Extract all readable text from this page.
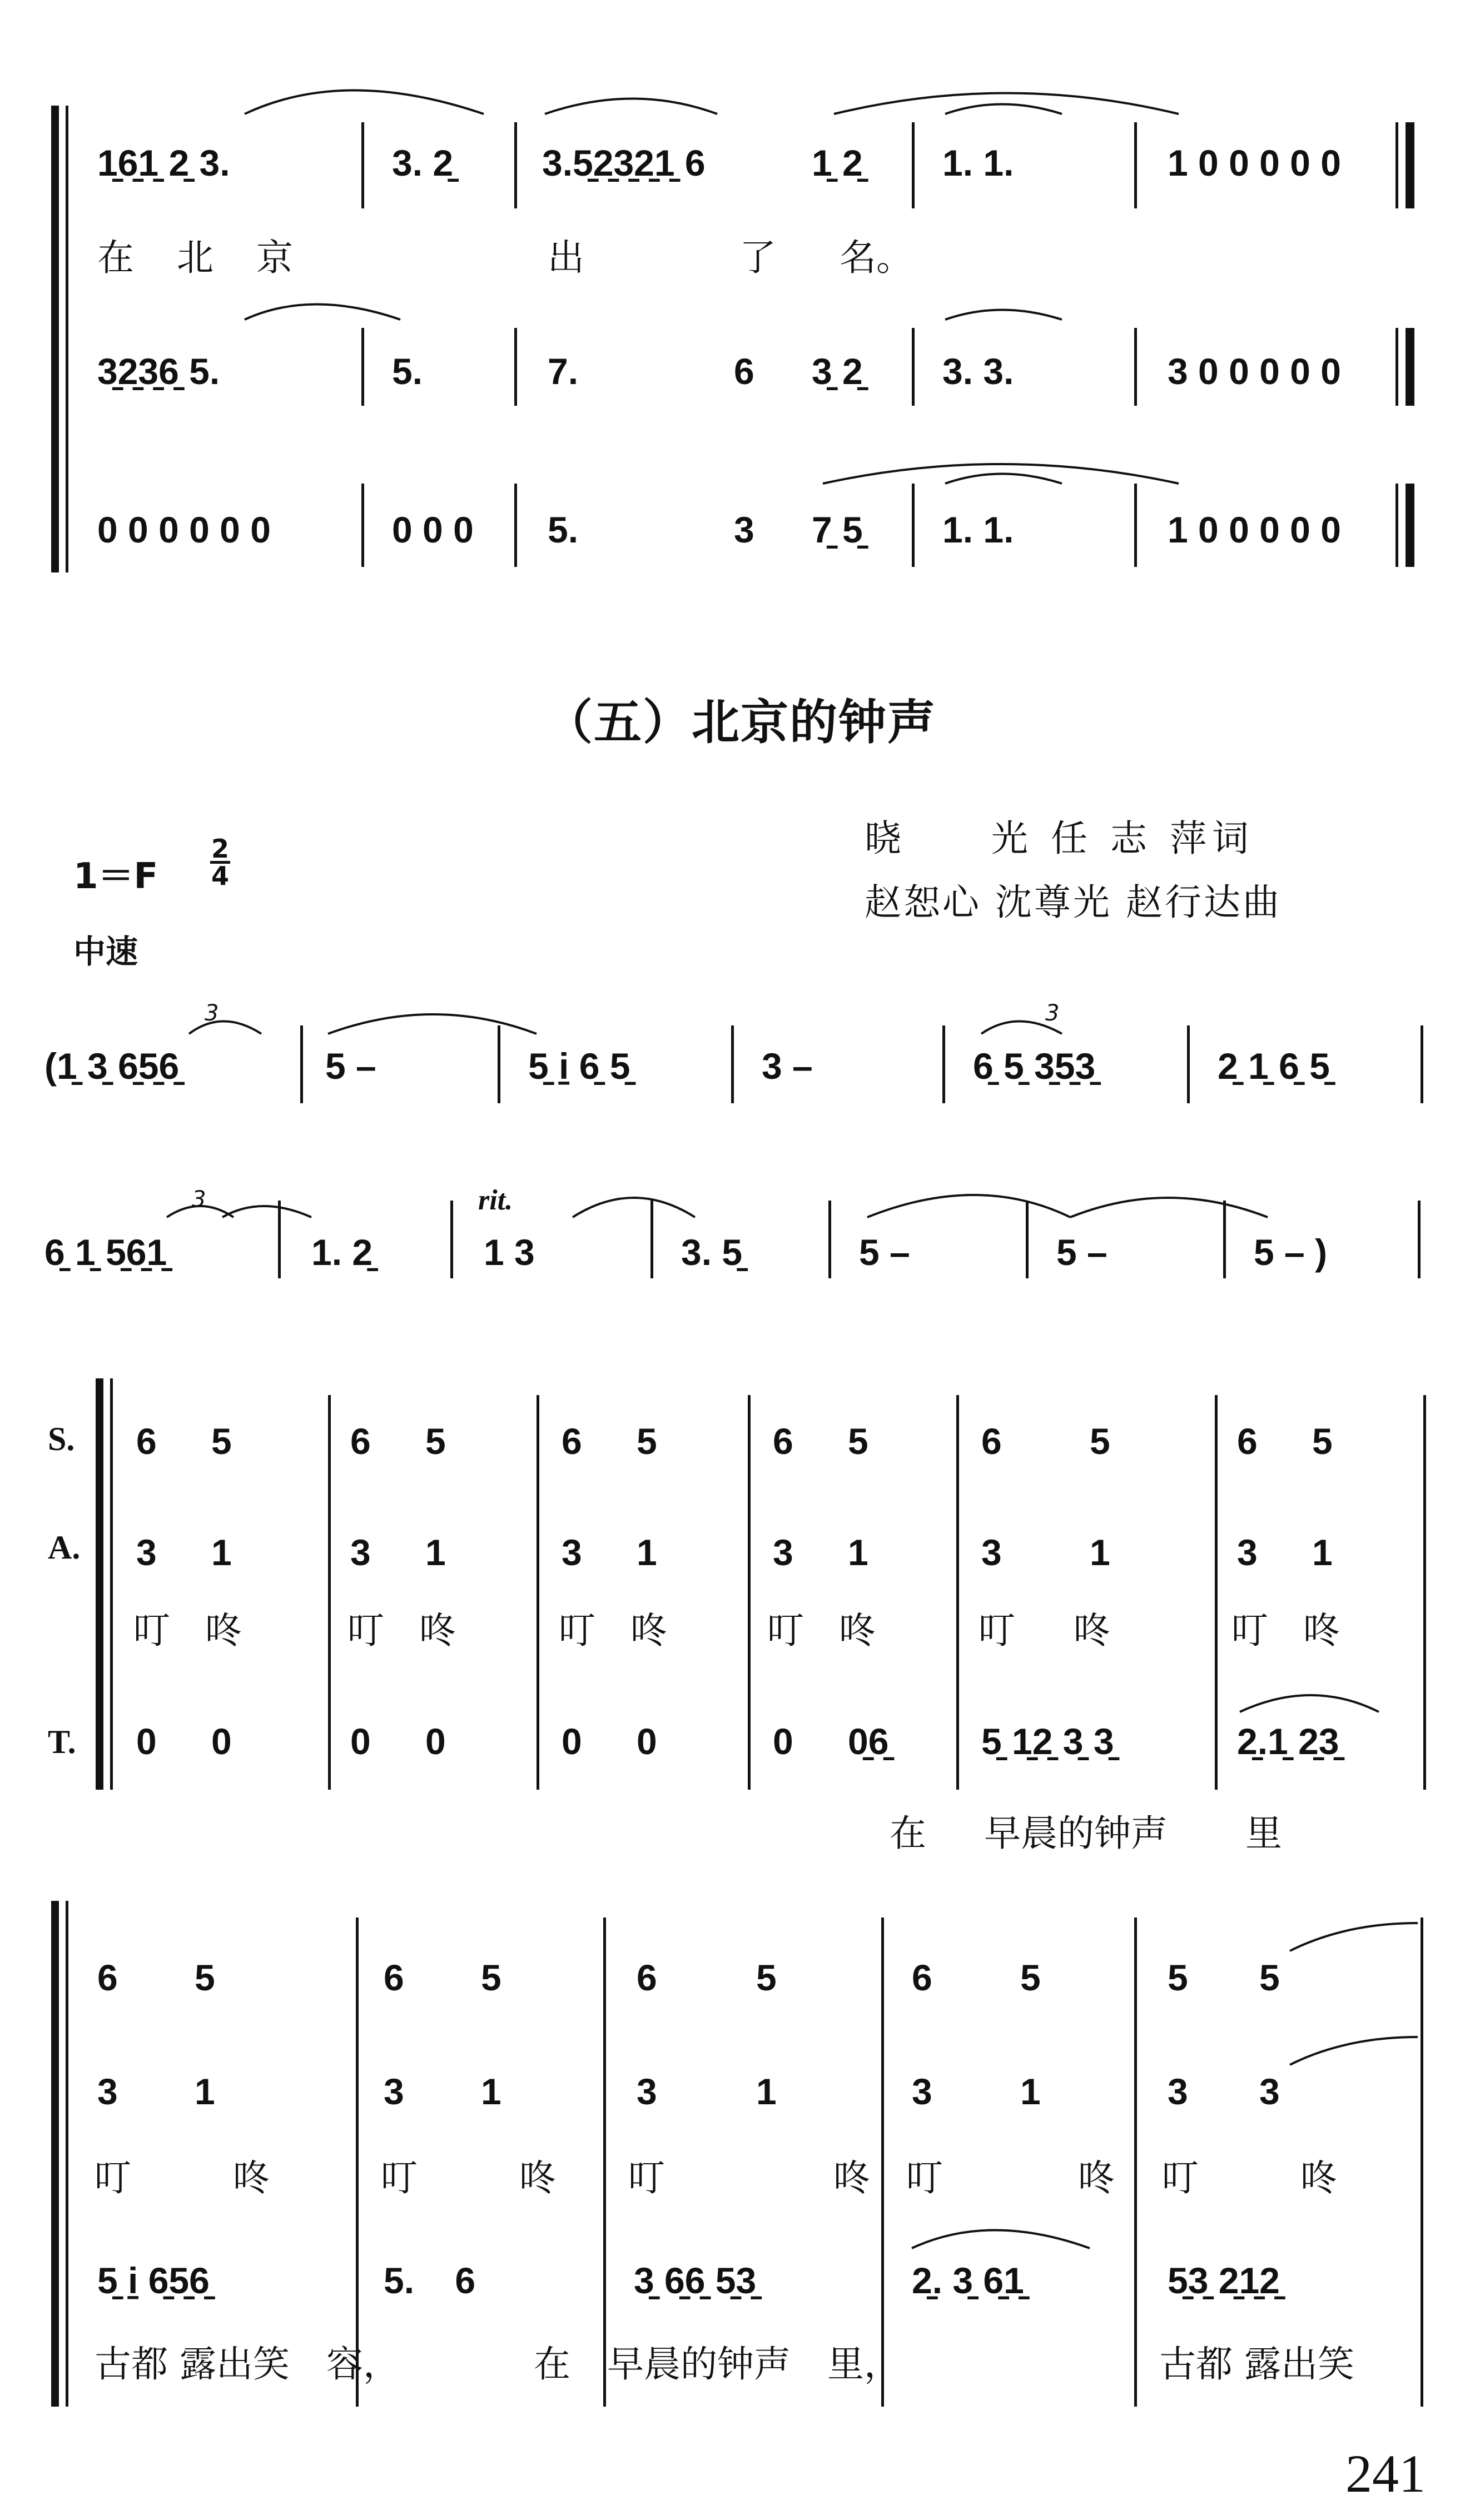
1̱6̱1̱ 2̱ 3.	3. 2̱ 3.5̱2̱3̱2̱1̱ 6	1̱ 2̱ 1. 1.	1 0 0 0 0 0
在 北 京	出	了 名。
3̱2̱3̱6̱ 5.	5.	7.	6 3̱ 2̱ 3. 3.	3 0 0 0 0 0
0 0 0 0 0 0	0 0 0 5.	3 7̱ 5̱ 1. 1.	1 0 0 0 0 0
（五）北京的钟声
晓　　光 任 志 萍词
赵恕心 沈尊光 赵行达曲
1＝F
2
4
中速
(1̱ 3̱ 6̱5̱6̱	5 –	5̱ i̱ 6̱ 5̱	3 –	6̱ 5̱ 3̱5̱3̱	2̱ 1̱ 6̱ 5̱
3	3
6̱ 1̱ 5̱6̱1̱	1. 2̱
rit.
1 3	3. 5̱	5 –	5 –	5 – )
3
S.
A.
T.
6 5	6 5	6 5	6 5	6 5	6 5
3 1	3 1	3 1	3 1	3 1	3 1
叮   咚	叮   咚	叮   咚	叮   咚	叮     咚	叮   咚
0 0	0 0	0 0	0 0̱6̱	5̱ 1̱2̱ 3̱ 3̱	2̱.1̱ 2̱3̱
在 早晨的钟声 里
6 5	6 5	6 5	6 5	5 5
3 1	3 1	3 1	3 1	3 3
叮   咚	叮   咚 叮   咚 叮   咚 叮   咚
5̱ i̱ 6̱5̱6̱	5.    6	3̱ 6̱6̱ 5̱3̱	2̱. 3̱ 6̱1̱	5̱3̱ 2̱1̱2̱
古都 露出笑　容，	在　早晨的钟声　里，	古都 露出笑
241
